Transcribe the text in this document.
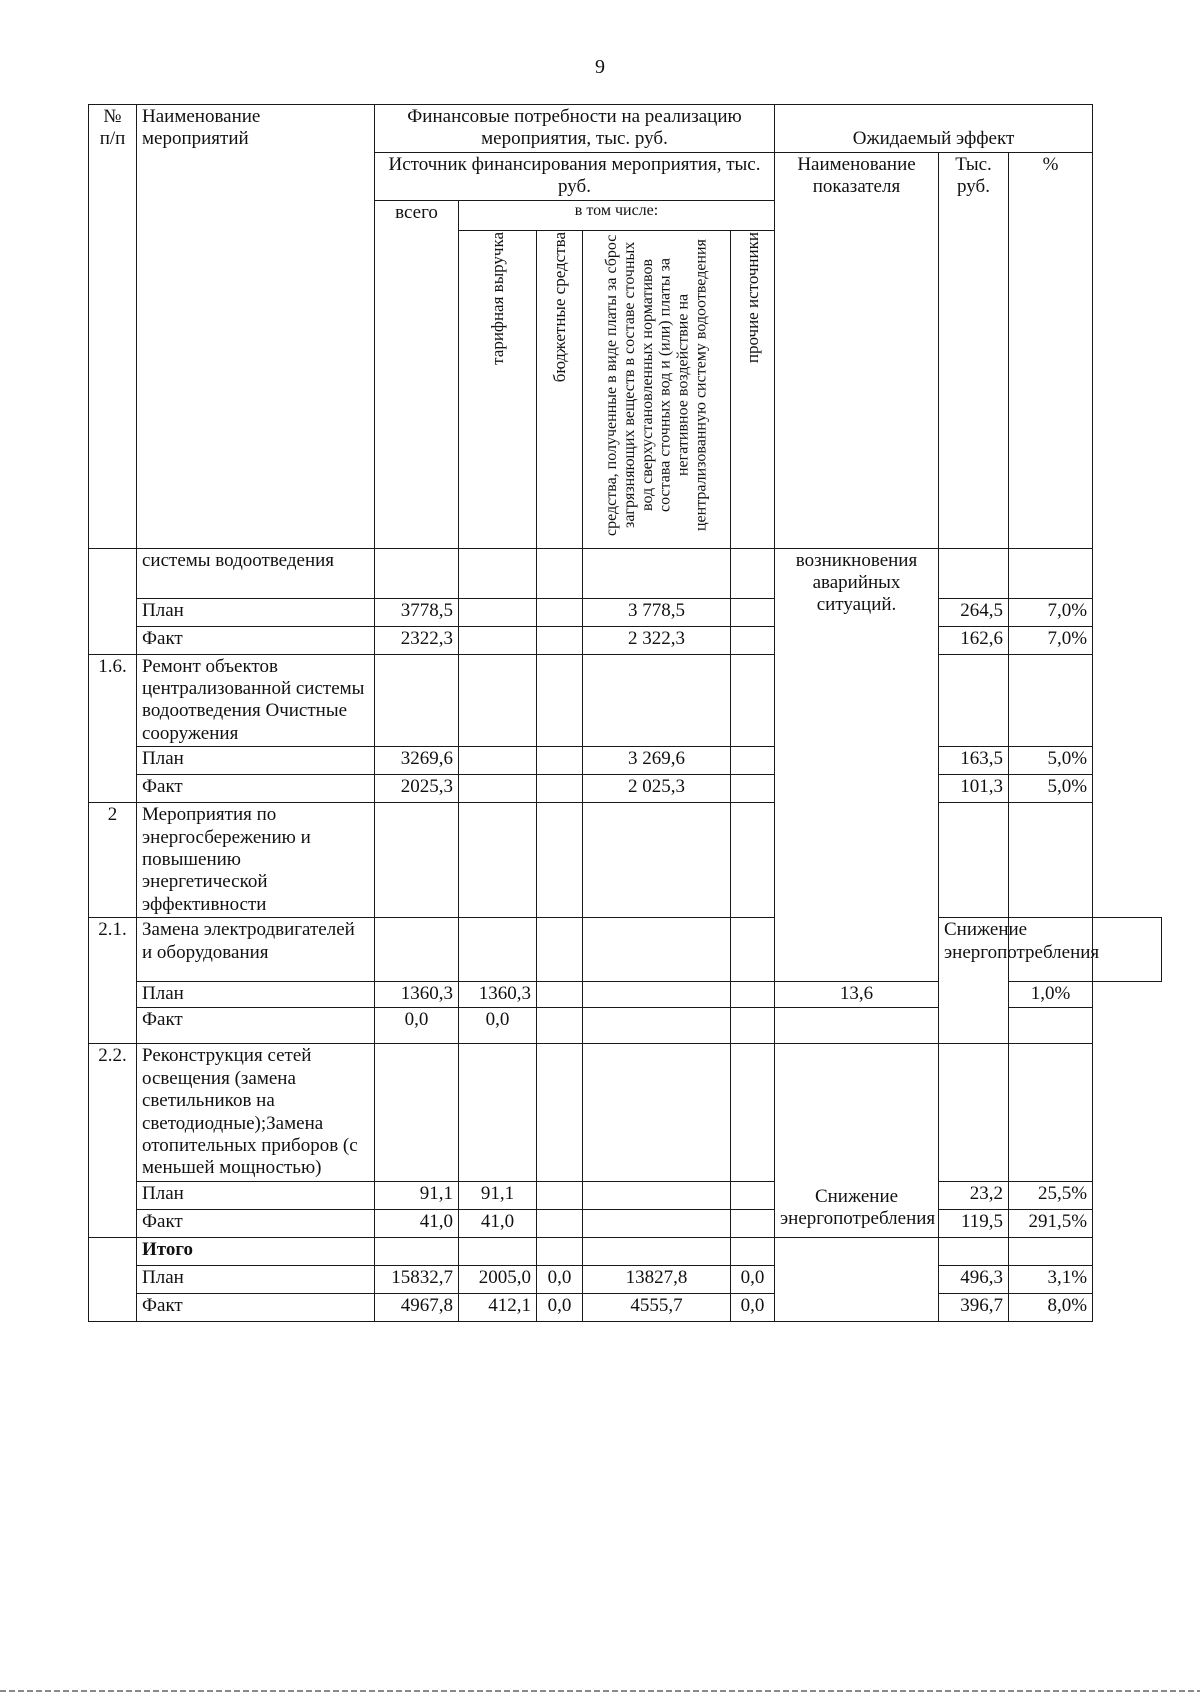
9
№ п/п	Наименование мероприятий	Финансовые потребности на реализацию мероприятия, тыс. руб.					Ожидаемый эффект			
		Источник финансирования мероприятия, тыс. руб.					Наименование показателя	Тыс. руб.	%	
		всего	в том числе:							

			тарифная выручка	бюджетные средства	средства, полученные в виде платы за сброс загрязняющих веществ в составе сточных вод сверхустановленных нормативов состава сточных вод и (или) платы за негативное воздействие на централизованную систему водоотведения	прочие источники				

	системы водоотведения						возникновения аварийных ситуаций.			
	План	3778,5			3 778,5			264,5	7,0%	
	Факт	2322,3			2 322,3			162,6	7,0%	
1.6.	Ремонт объектов централизованной системы водоотведения Очистные сооружения									
	План	3269,6			3 269,6			163,5	5,0%	
	Факт	2025,3			2 025,3			101,3	5,0%	
2	Мероприятия по энергосбережению и повышению энергетической эффективности									
2.1.	Замена электродвигателей и оборудования							Снижение энергопотребления		
	План	1360,3	1360,3				13,6		1,0%	
	Факт	0,0	0,0							
2.2.	Реконструкция сетей освещения (замена светильников на светодиодные);Замена отопительных приборов (с меньшей мощностью)						Снижение энергопотребления			
	План	91,1	91,1					23,2	25,5%	
	Факт	41,0	41,0					119,5	291,5%	
	Итого									
	План	15832,7	2005,0	0,0	13827,8	0,0		496,3	3,1%	
	Факт	4967,8	412,1	0,0	4555,7	0,0		396,7	8,0%	
